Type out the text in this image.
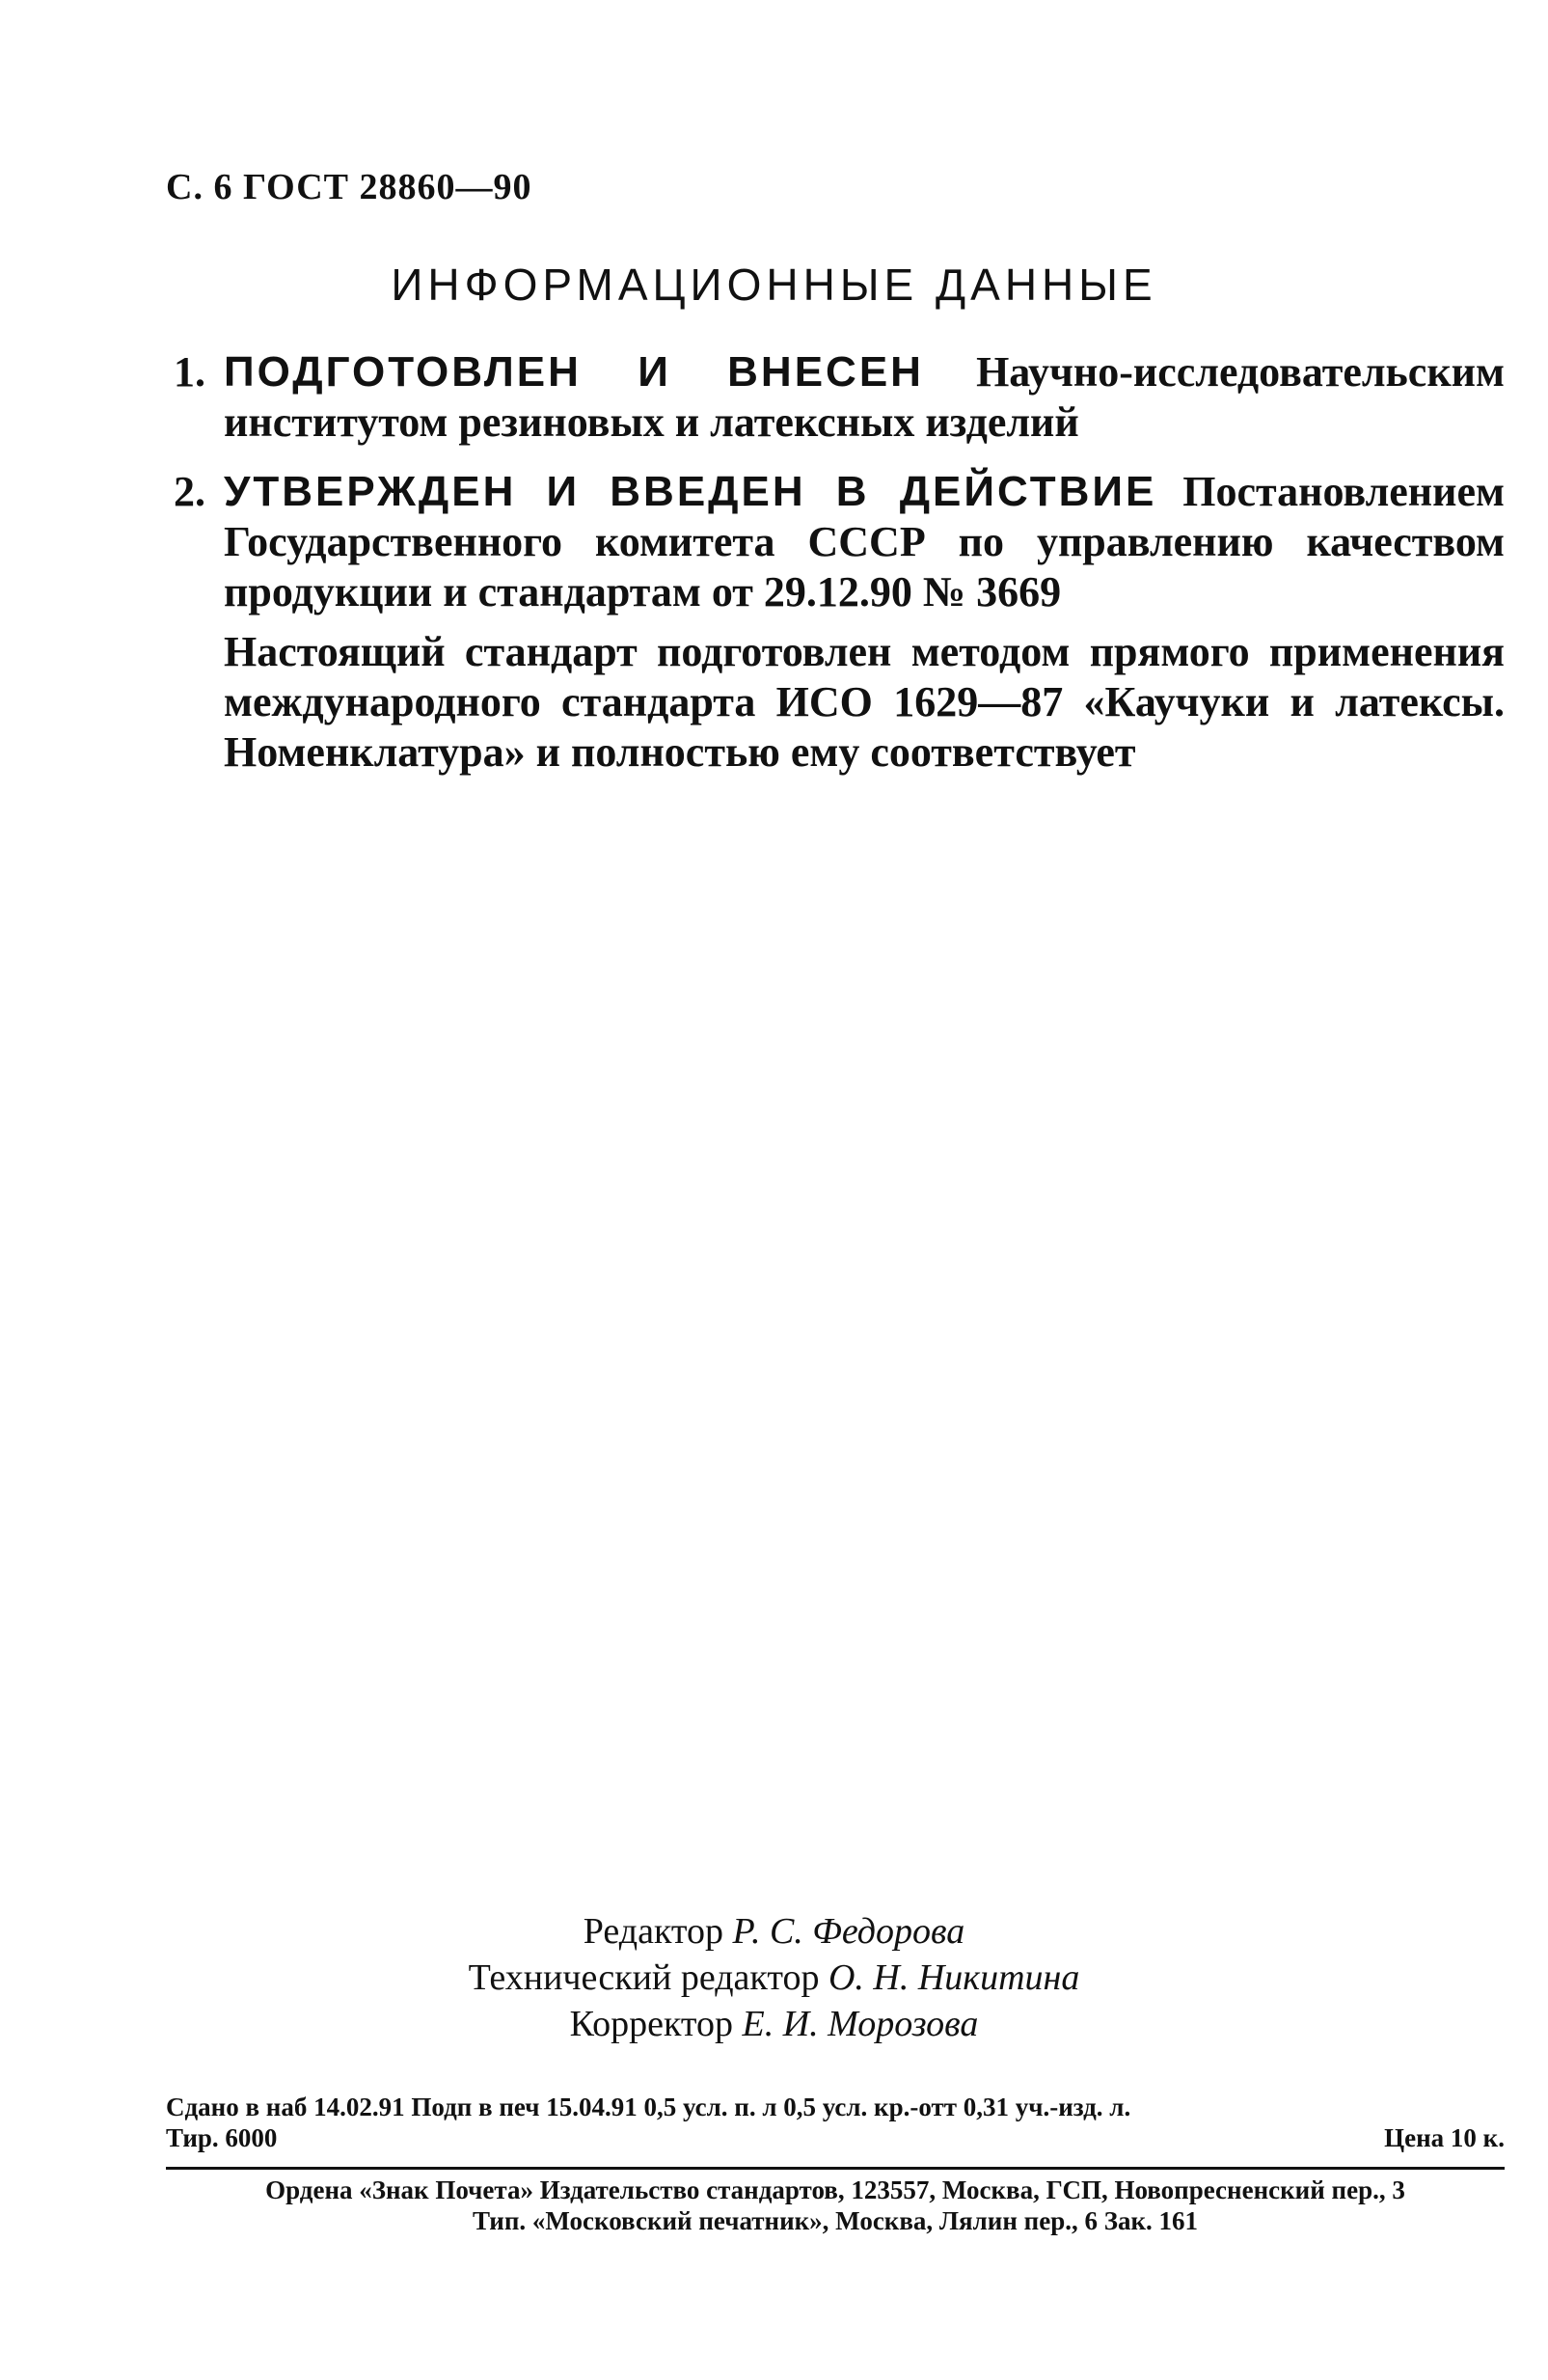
С. 6 ГОСТ 28860—90
ИНФОРМАЦИОННЫЕ ДАННЫЕ
1. ПОДГОТОВЛЕН И ВНЕСЕН Научно-исследовательским институтом резиновых и латексных изделий
2. УТВЕРЖДЕН И ВВЕДЕН В ДЕЙСТВИЕ Постановлением Государственного комитета СССР по управлению качеством продукции и стандартам от 29.12.90 № 3669
Настоящий стандарт подготовлен методом прямого применения международного стандарта ИСО 1629—87 «Каучуки и латексы. Номенклатура» и полностью ему соответствует
Редактор Р. С. Федорова
Технический редактор О. Н. Никитина
Корректор Е. И. Морозова
Сдано в наб 14.02.91 Подп в печ 15.04.91 0,5 усл. п. л 0,5 усл. кр.-отт 0,31 уч.-изд. л.
Тир. 6000	Цена 10 к.
Ордена «Знак Почета» Издательство стандартов, 123557, Москва, ГСП, Новопресненский пер., 3
Тип. «Московский печатник», Москва, Лялин пер., 6 Зак. 161
